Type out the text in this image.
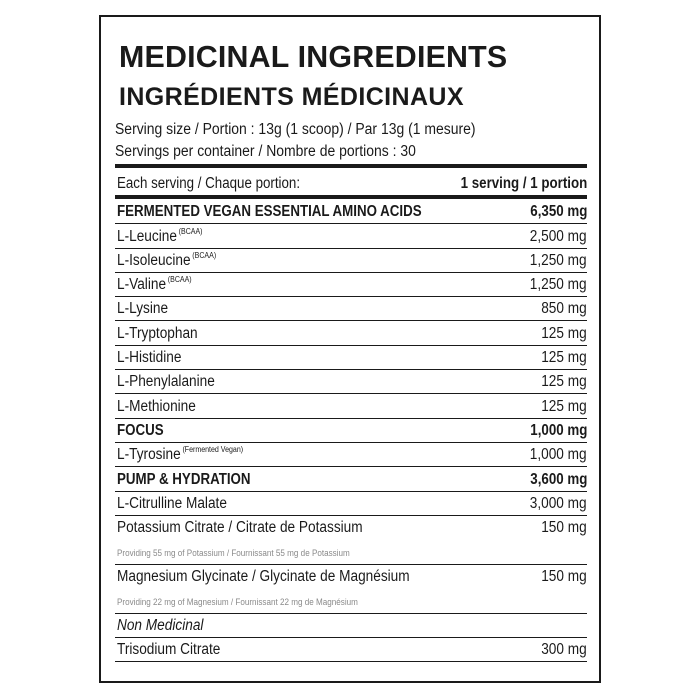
MEDICINAL INGREDIENTS
INGRÉDIENTS MÉDICINAUX
Serving size / Portion : 13g (1 scoop) / Par 13g (1 mesure)
Servings per container / Nombre de portions : 30
Each serving / Chaque portion:	1 serving / 1 portion
FERMENTED VEGAN ESSENTIAL AMINO ACIDS	6,350 mg
L-Leucine $^{(BCAA)}$	2,500 mg
L-Isoleucine $^{(BCAA)}$	1,250 mg
L-Valine $^{(BCAA)}$	1,250 mg
L-Lysine	850 mg
L-Tryptophan	125 mg
L-Histidine	125 mg
L-Phenylalanine	125 mg
L-Methionine	125 mg
FOCUS	1,000 mg
L-Tyrosine $^{(Fermented Vegan)}$	1,000 mg
PUMP & HYDRATION	3,600 mg
L-Citrulline Malate	3,000 mg
Potassium Citrate / Citrate de Potassium	150 mg
Providing 55 mg of Potassium / Fournissant 55 mg de Potassium
Magnesium Glycinate / Glycinate de Magnésium	150 mg
Providing 22 mg of Magnesium / Fournissant 22 mg de Magnésium
Non Medicinal
Trisodium Citrate	300 mg
